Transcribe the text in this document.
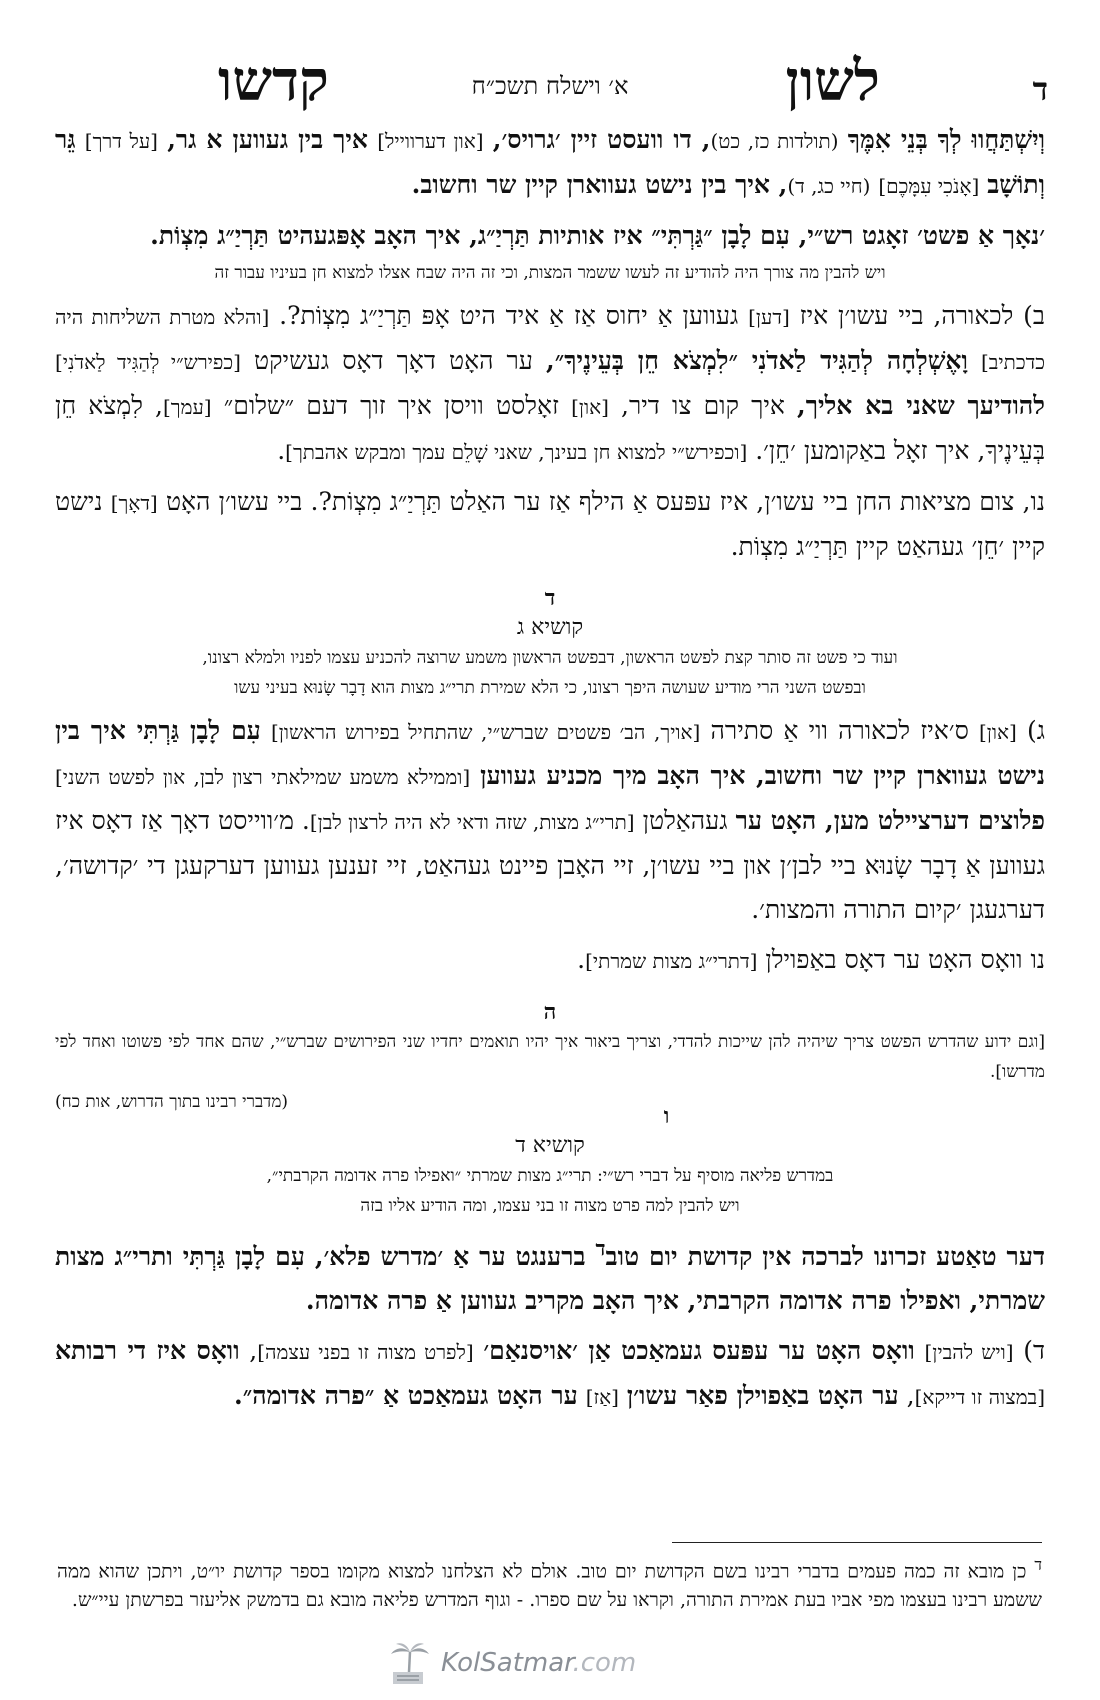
ד
לשון
א׳ וישלח תשכ״ח
קדשו

וְיִשְׁתַּחֲווּ לְךָ בְּנֵי אִמֶּךָ (תולדות כז, כט), דו וועסט זיין ׳גרויס׳, [און דערווייל] איך בין געווען א גר, [על דרך] גֵּר וְתוֹשָׁב [אָנֹכִי עִמָּכֶם] (חיי כג, ד), איך בין נישט געווארן קיין שר וחשוב.

׳נאָך אַ פשט׳ זאָגט רש״י, עִם לָבָן ״גַּרְתִּי״ איז אותיות תַּרְיַ״ג, איך האָב אָפּגעהיט תַּרְיַ״ג מִצְוֹת.

ויש להבין מה צורך היה להודיע זה לעשו ששמר המצות, וכי זה היה שבח אצלו למצוא חן בעיניו עבור זה

ב) לכאורה, ביי עשו׳ן איז [דען] געווען אַ יחוס אַז אַ איד היט אָפּ תַּרְיַ״ג מִצְוֹת?. [והלא מטרת השליחות היה כדכתיב] וָאֶשְׁלְחָה לְהַגִּיד לַאדֹנִי ״לִמְצֹא חֵן בְּעֵינֶיךָ״, ער האָט דאָך דאָס געשיקט [כפירש״י לְהַגִּיד לַאדֹנִי] להודיעך שאני בא אליך, איך קום צו דיר, [און] זאָלסט וויסן איך זוך דעם ״שלום״ [עמך], לִמְצֹא חֵן בְּעֵינֶיךָ, איך זאָל באַקומען ׳חֵן׳. [וכפירש״י למצוא חן בעינך, שאני שָׁלֵם עמך ומבקש אהבתך].

נו, צום מציאות החן ביי עשו׳ן, איז עפּעס אַ הילף אַז ער האַלט תַּרְיַ״ג מִצְוֹת?. ביי עשו׳ן האָט [דאָך] נישט קיין ׳חֵן׳ געהאַט קיין תַּרְיַ״ג מִצְוֹת.

ד

קושיא ג

ועוד כי פשט זה סותר קצת לפשט הראשון, דבפשט הראשון משמע שרוצה להכניע עצמו לפניו ולמלא רצונו,

ובפשט השני הרי מודיע שעושה היפך רצונו, כי הלא שמירת תרי״ג מצות הוא דָבָר שָׂנוּא בעיני עשו

ג) [און] ס׳איז לכאורה ווי אַ סתירה [אויך, הב׳ פשטים שברש״י, שהתחיל בפירוש הראשון] עִם לָבָן גַּרְתִּי איך בין נישט געווארן קיין שר וחשוב, איך האָב מיך מכניע געווען [וממילא משמע שמילאתי רצון לבן, און לפשט השני] פלוצים דערציילט מען, האָט ער געהאַלטן [תרי״ג מצות, שזה ודאי לא היה לרצון לבן]. מ׳ווייסט דאָך אַז דאָס איז געווען אַ דָבָר שָׂנוּא ביי לבן׳ן און ביי עשו׳ן, זיי האָבן פיינט געהאַט, זיי זענען געווען דערקעגן די ׳קדושה׳, דערגעגן ׳קיום התורה והמצות׳.

נו וואָס האָט ער דאָס באַפוילן [דתרי״ג מצות שמרתי].

ה

[וגם ידוע שהדרש הפשט צריך שיהיה להן שייכות להדדי, וצריך ביאור איך יהיו תואמים יחדיו שני הפירושים שברש״י, שהם אחד לפי פשוטו ואחד לפי מדרשו].

(מדברי רבינו בתוך הדרוש, אות כח)

ו

קושיא ד

במדרש פליאה מוסיף על דברי רש״י: תרי״ג מצות שמרתי ״ואפילו פרה אדומה הקרבתי״,

ויש להבין למה פרט מצוה זו בני עצמו, ומה הודיע אליו בזה

דער טאַטע זכרונו לברכה אין קדושת יום טוב$^ד$ ברענגט ער אַ ׳מדרש פלא׳, עִם לָבָן גַּרְתִּי ותרי״ג מצות שמרתי, ואפילו פרה אדומה הקרבתי, איך האָב מקריב געווען אַ פרה אדומה.

ד) [ויש להבין] וואָס האָט ער עפּעס געמאַכט אַן ׳אויסנאַם׳ [לפרט מצוה זו בפני עצמה], וואָס איז די רבותא [במצוה זו דייקא], ער האָט באַפוילן פאַר עשו׳ן [אַז] ער האָט געמאַכט אַ ״פרה אדומה״.

$^ד$ כן מובא זה כמה פעמים בדברי רבינו בשם הקדושת יום טוב. אולם לא הצלחנו למצוא מקומו בספר קדושת יו״ט, ויתכן שהוא ממה ששמע רבינו בעצמו מפי אביו בעת אמירת התורה, וקראו על שם ספרו. - וגוף המדרש פליאה מובא גם בדמשק אליעזר בפרשתן עיי״ש.
KolSatmar.com
